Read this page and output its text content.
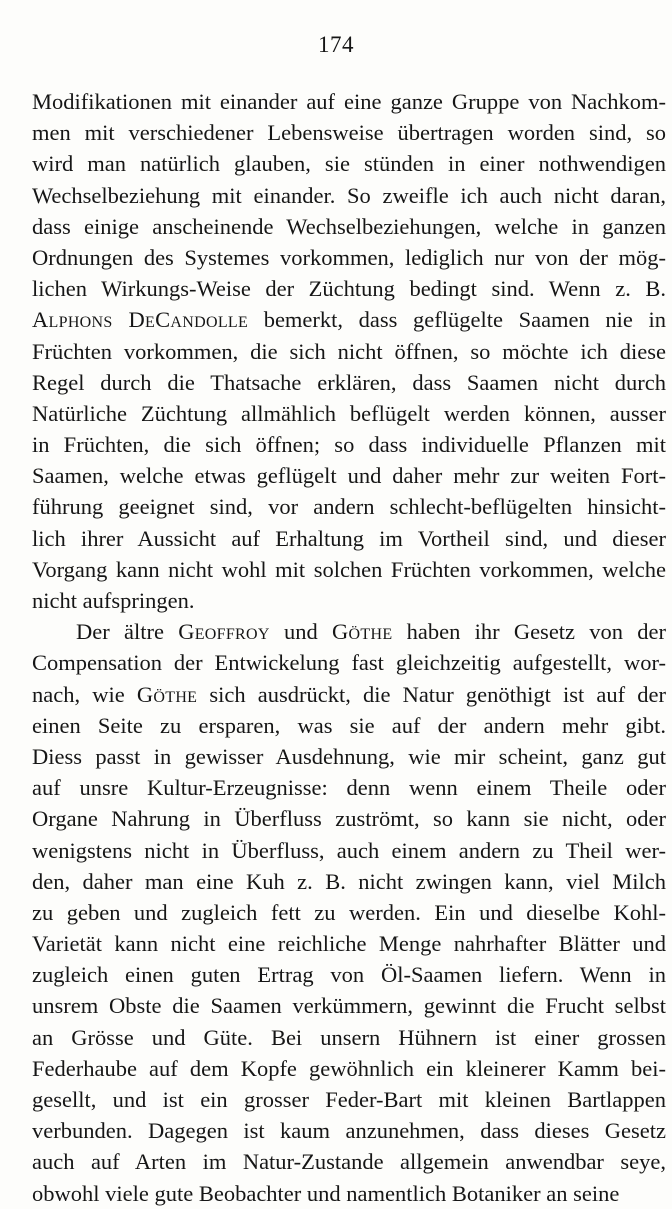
174
Modifikationen mit einander auf eine ganze Gruppe von Nachkom-
men mit verschiedener Lebensweise übertragen worden sind, so
wird man natürlich glauben, sie stünden in einer nothwendigen
Wechselbeziehung mit einander. So zweifle ich auch nicht daran,
dass einige anscheinende Wechselbeziehungen, welche in ganzen
Ordnungen des Systemes vorkommen, lediglich nur von der mög-
lichen Wirkungs-Weise der Züchtung bedingt sind. Wenn z. B.
Alphons DeCandolle bemerkt, dass geflügelte Saamen nie in
Früchten vorkommen, die sich nicht öffnen, so möchte ich diese
Regel durch die Thatsache erklären, dass Saamen nicht durch
Natürliche Züchtung allmählich beflügelt werden können, ausser
in Früchten, die sich öffnen; so dass individuelle Pflanzen mit
Saamen, welche etwas geflügelt und daher mehr zur weiten Fort-
führung geeignet sind, vor andern schlecht-beflügelten hinsicht-
lich ihrer Aussicht auf Erhaltung im Vortheil sind, und dieser
Vorgang kann nicht wohl mit solchen Früchten vorkommen, welche
nicht aufspringen.
Der ältre Geoffroy und Göthe haben ihr Gesetz von der
Compensation der Entwickelung fast gleichzeitig aufgestellt, wor-
nach, wie Göthe sich ausdrückt, die Natur genöthigt ist auf der
einen Seite zu ersparen, was sie auf der andern mehr gibt.
Diess passt in gewisser Ausdehnung, wie mir scheint, ganz gut
auf unsre Kultur-Erzeugnisse: denn wenn einem Theile oder
Organe Nahrung in Überfluss zuströmt, so kann sie nicht, oder
wenigstens nicht in Überfluss, auch einem andern zu Theil wer-
den, daher man eine Kuh z. B. nicht zwingen kann, viel Milch
zu geben und zugleich fett zu werden. Ein und dieselbe Kohl-
Varietät kann nicht eine reichliche Menge nahrhafter Blätter und
zugleich einen guten Ertrag von Öl-Saamen liefern. Wenn in
unsrem Obste die Saamen verkümmern, gewinnt die Frucht selbst
an Grösse und Güte. Bei unsern Hühnern ist einer grossen
Federhaube auf dem Kopfe gewöhnlich ein kleinerer Kamm bei-
gesellt, und ist ein grosser Feder-Bart mit kleinen Bartlappen
verbunden. Dagegen ist kaum anzunehmen, dass dieses Gesetz
auch auf Arten im Natur-Zustande allgemein anwendbar seye,
obwohl viele gute Beobachter und namentlich Botaniker an seine
